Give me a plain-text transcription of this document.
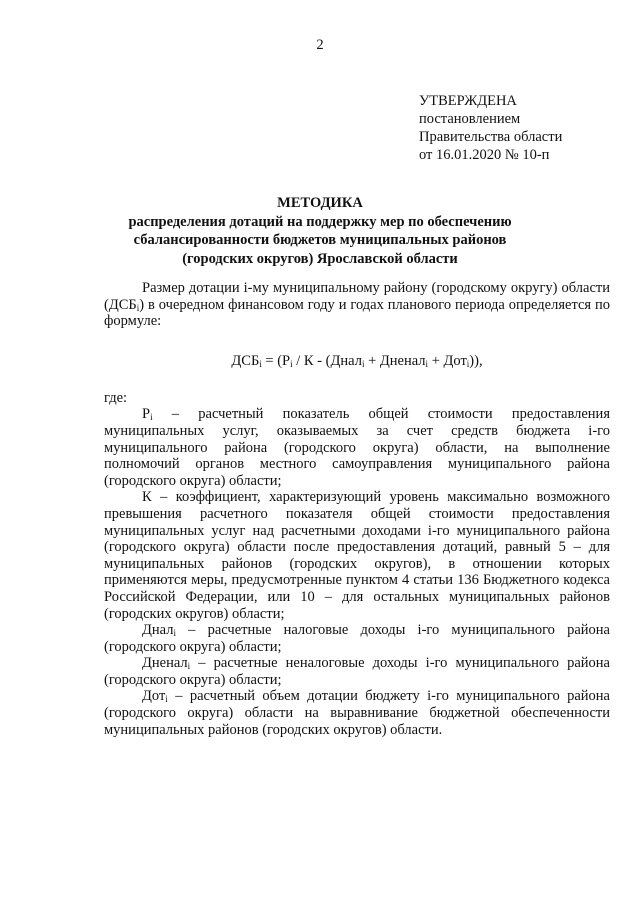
2
УТВЕРЖДЕНА
постановлением
Правительства области
от 16.01.2020 № 10-п
МЕТОДИКА
распределения дотаций на поддержку мер по обеспечению
сбалансированности бюджетов муниципальных районов
(городских округов) Ярославской области

Размер дотации i-му муниципальному району (городскому округу) области $(ДСБ_i)$ в очередном финансовом году и годах планового периода определяется по формуле:

$ДСБ_i = (Р_i / К$ - (Днал$_i$ + Дненал$_i$ + Дот$_i$)),

где:

$Р_i$ – расчетный показатель общей стоимости предоставления муниципальных услуг, оказываемых за счет средств бюджета i-го муниципального района (городского округа) области, на выполнение полномочий органов местного самоуправления муниципального района (городского округа) области;

К – коэффициент, характеризующий уровень максимально возможного превышения расчетного показателя общей стоимости предоставления муниципальных услуг над расчетными доходами i-го муниципального района (городского округа) области после предоставления дотаций, равный 5 – для муниципальных районов (городских округов), в отношении которых применяются меры, предусмотренные пунктом 4 статьи 136 Бюджетного кодекса Российской Федерации, или 10 – для остальных муниципальных районов (городских округов) области;

Днал$_i$ – расчетные налоговые доходы i-го муниципального района (городского округа) области;

Дненал$_i$ – расчетные неналоговые доходы i-го муниципального района (городского округа) области;

Дот$_i$ – расчетный объем дотации бюджету i-го муниципального района (городского округа) области на выравнивание бюджетной обеспеченности муниципальных районов (городских округов) области.
